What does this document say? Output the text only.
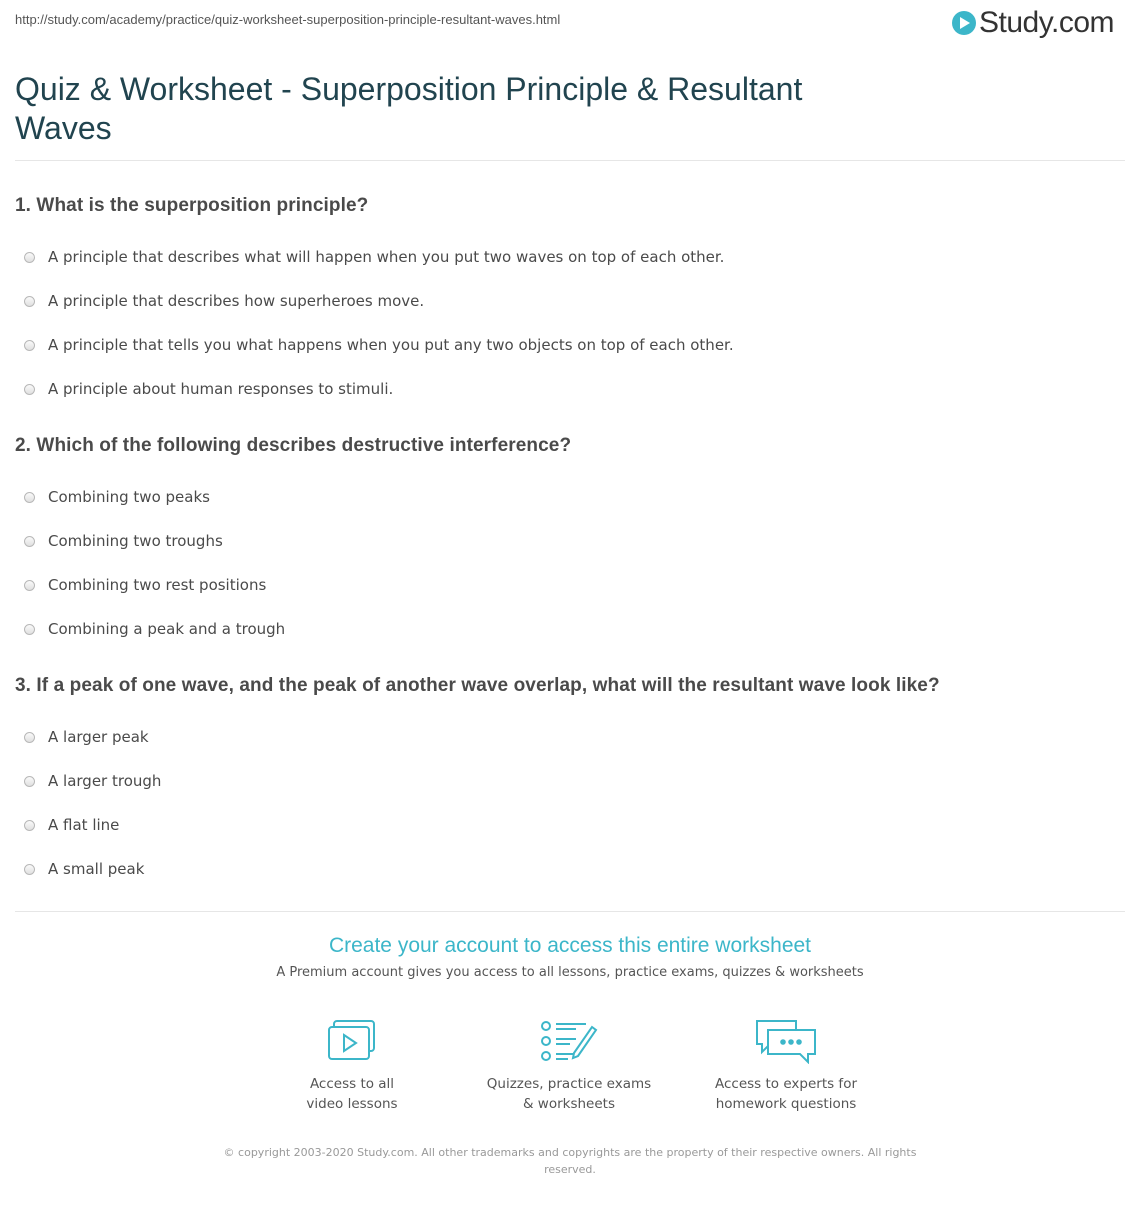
http://study.com/academy/practice/quiz-worksheet-superposition-principle-resultant-waves.html	Study.com
Quiz & Worksheet - Superposition Principle & Resultant Waves
1. What is the superposition principle?
A principle that describes what will happen when you put two waves on top of each other.
A principle that describes how superheroes move.
A principle that tells you what happens when you put any two objects on top of each other.
A principle about human responses to stimuli.
2. Which of the following describes destructive interference?
Combining two peaks
Combining two troughs
Combining two rest positions
Combining a peak and a trough
3. If a peak of one wave, and the peak of another wave overlap, what will the resultant wave look like?
A larger peak
A larger trough
A flat line
A small peak
Create your account to access this entire worksheet
A Premium account gives you access to all lessons, practice exams, quizzes & worksheets
Access to all
video lessons
Quizzes, practice exams
& worksheets
Access to experts for
homework questions
© copyright 2003-2020 Study.com. All other trademarks and copyrights are the property of their respective owners. All rights reserved.
